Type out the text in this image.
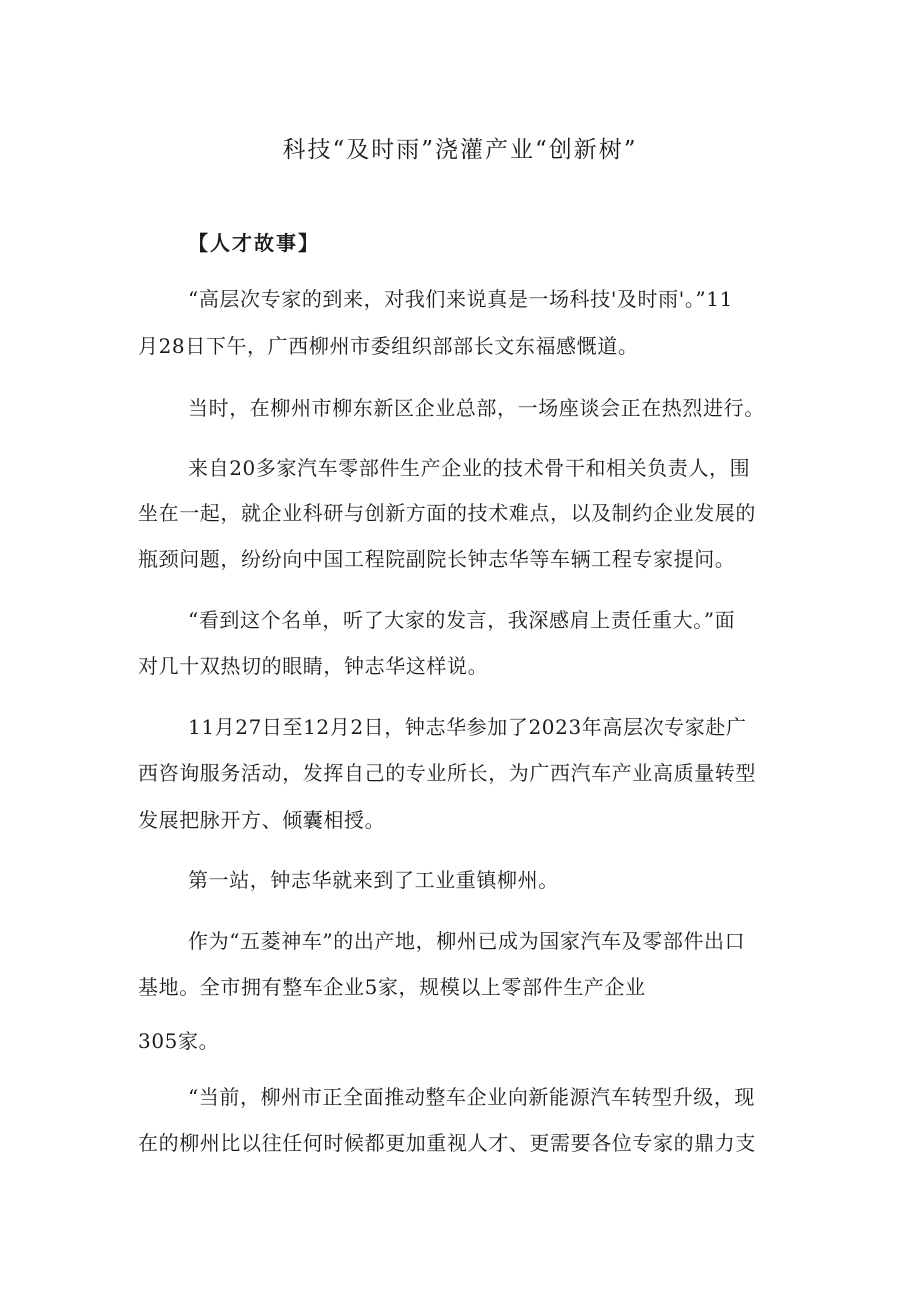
科技“及时雨”浇灌产业“创新树”
【人才故事】
“高层次专家的到来，对我们来说真是一场科技'及时雨'。”11
月28日下午，广西柳州市委组织部部长文东福感慨道。
当时，在柳州市柳东新区企业总部，一场座谈会正在热烈进行。
来自20多家汽车零部件生产企业的技术骨干和相关负责人，围
坐在一起，就企业科研与创新方面的技术难点，以及制约企业发展的
瓶颈问题，纷纷向中国工程院副院长钟志华等车辆工程专家提问。
“看到这个名单，听了大家的发言，我深感肩上责任重大。”面
对几十双热切的眼睛，钟志华这样说。
11月27日至12月2日，钟志华参加了2023年高层次专家赴广
西咨询服务活动，发挥自己的专业所长，为广西汽车产业高质量转型
发展把脉开方、倾囊相授。
第一站，钟志华就来到了工业重镇柳州。
作为“五菱神车”的出产地，柳州已成为国家汽车及零部件出口
基地。全市拥有整车企业5家，规模以上零部件生产企业
305家。
“当前，柳州市正全面推动整车企业向新能源汽车转型升级，现
在的柳州比以往任何时候都更加重视人才、更需要各位专家的鼎力支
